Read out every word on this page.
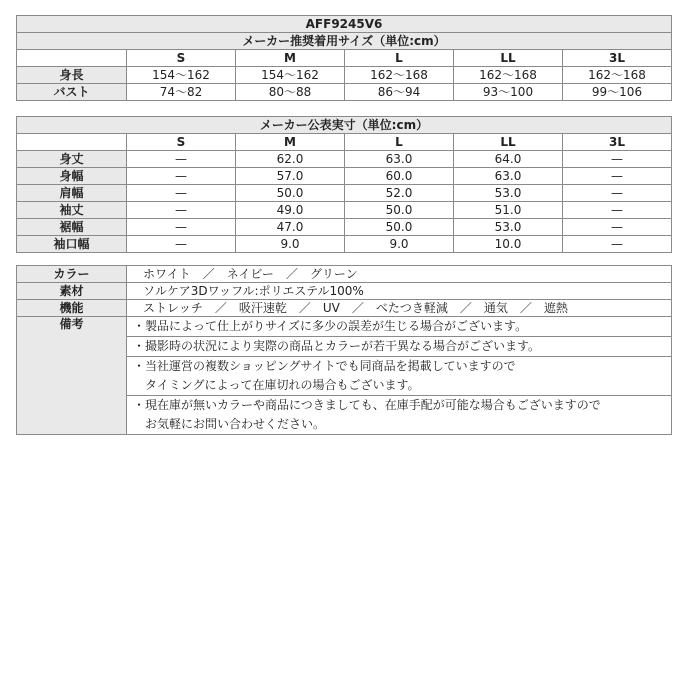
AFF9245V6					
メーカー推奨着用サイズ（単位:cm）					
	S	M	L	LL	3L
身長	154～162	154～162	162～168	162～168	162～168
バスト	74～82	80～88	86～94	93～100	99～106
メーカー公表実寸（単位:cm）					
	S	M	L	LL	3L
身丈	—	62.0	63.0	64.0	—
身幅	—	57.0	60.0	63.0	—
肩幅	—	50.0	52.0	53.0	—
袖丈	—	49.0	50.0	51.0	—
裾幅	—	47.0	50.0	53.0	—
袖口幅	—	9.0	9.0	10.0	—
カラー	ホワイト　／　ネイビー　／　グリーン
素材	ソルケア3Dワッフル:ポリエステル100%
機能	ストレッチ　／　吸汗速乾　／　UV　／　べたつき軽減　／　通気　／　遮熱
備考	・製品によって仕上がりサイズに多少の誤差が生じる場合がございます。
	・撮影時の状況により実際の商品とカラーが若干異なる場合がございます。
	・当社運営の複数ショッピングサイトでも同商品を掲載していますので
　タイミングによって在庫切れの場合もございます。
	・現在庫が無いカラーや商品につきましても、在庫手配が可能な場合もございますので
　お気軽にお問い合わせください。
